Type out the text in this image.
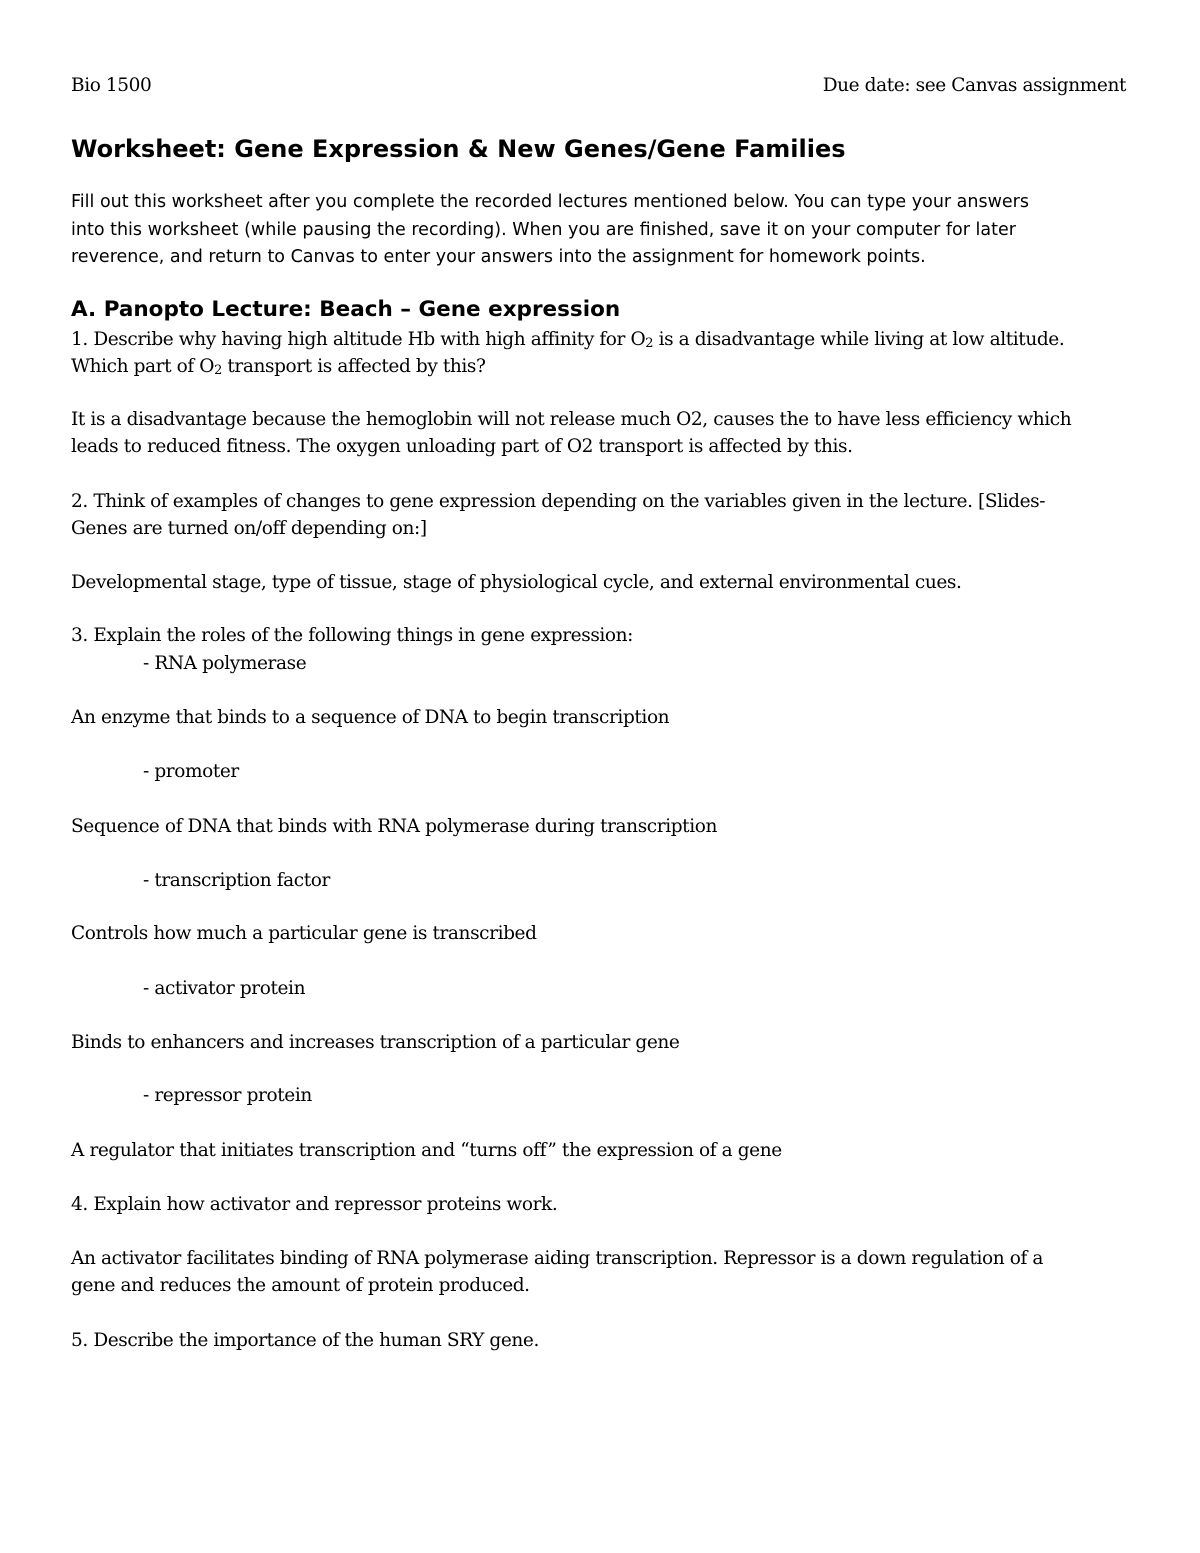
Bio 1500	Due date: see Canvas assignment
Worksheet: Gene Expression & New Genes/Gene Families
Fill out this worksheet after you complete the recorded lectures mentioned below. You can type your answers
into this worksheet (while pausing the recording). When you are finished, save it on your computer for later
reverence, and return to Canvas to enter your answers into the assignment for homework points.
A. Panopto Lecture: Beach – Gene expression
1. Describe why having high altitude Hb with high affinity for $O_2$ is a disadvantage while living at low altitude.
Which part of $O_2$ transport is affected by this?
It is a disadvantage because the hemoglobin will not release much O2, causes the to have less efficiency which
leads to reduced fitness. The oxygen unloading part of O2 transport is affected by this.
2. Think of examples of changes to gene expression depending on the variables given in the lecture. [Slides-
Genes are turned on/off depending on:]
Developmental stage, type of tissue, stage of physiological cycle, and external environmental cues.
3. Explain the roles of the following things in gene expression:
- RNA polymerase
An enzyme that binds to a sequence of DNA to begin transcription
- promoter
Sequence of DNA that binds with RNA polymerase during transcription
- transcription factor
Controls how much a particular gene is transcribed
- activator protein
Binds to enhancers and increases transcription of a particular gene
- repressor protein
A regulator that initiates transcription and “turns off” the expression of a gene
4. Explain how activator and repressor proteins work.
An activator facilitates binding of RNA polymerase aiding transcription. Repressor is a down regulation of a
gene and reduces the amount of protein produced.
5. Describe the importance of the human SRY gene.
